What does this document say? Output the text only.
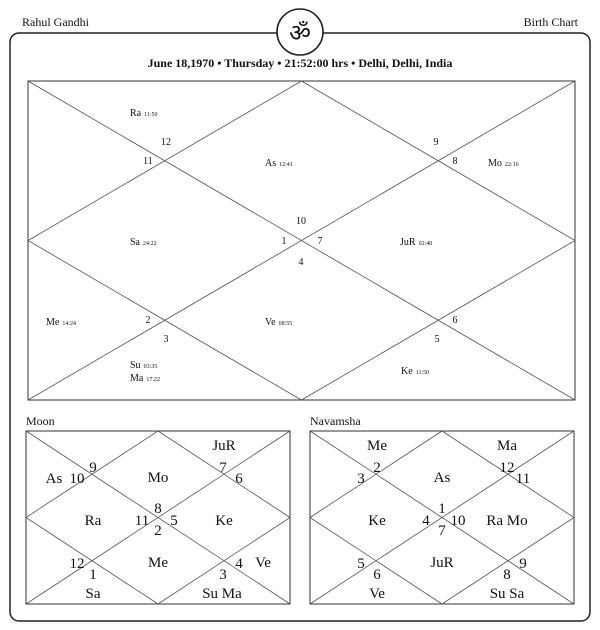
Rahul Gandhi	Birth Chart
ॐ
June 18,1970 • Thursday • 21:52:00 hrs • Delhi, Delhi, India
10
12
11
9
8
1	7
4
2
3
6
5
Ra 11:50
As 12:41	Mo 22:16
Sa 24:22	JuR 02:40
Me 14:24	Ve 08:55
Su 03:35
Ma 17:22
Ke 11:50
Moon
8
9
10
7
6
11 5
2
12
1
4
3
Mo
JuR
As
Ra	Ke
Me	Ve
Sa	Su Ma
Navamsha
1
2
3
12
11
4 10
7
5
6
9
8
Me	Ma
As
Ke	Ra Mo
JuR
Ve	Su Sa
